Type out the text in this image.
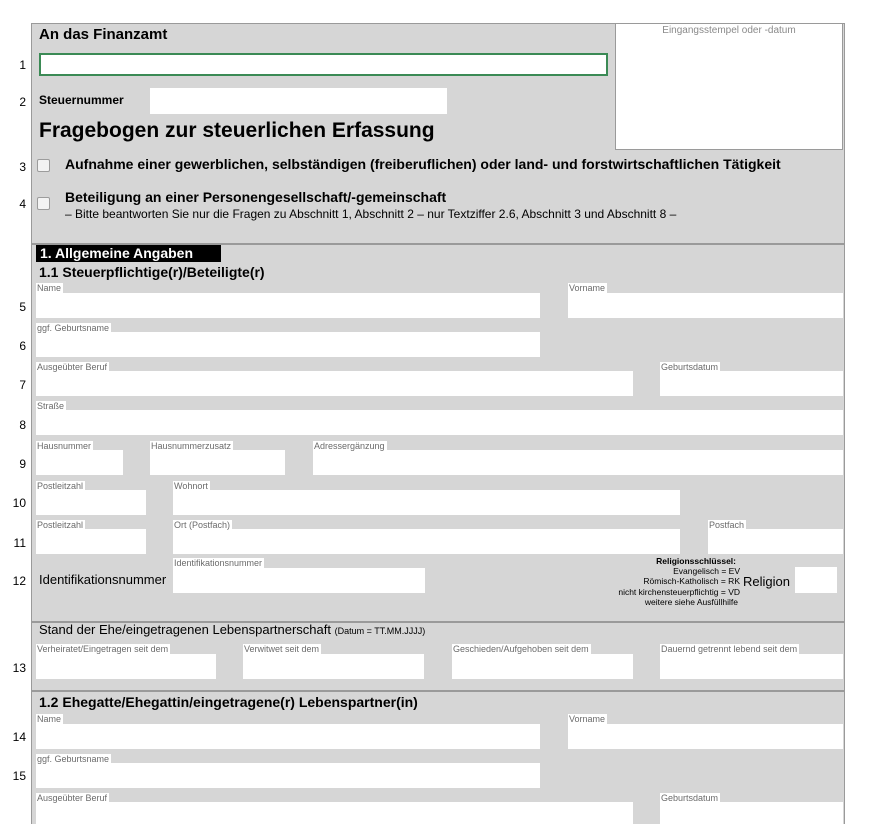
1
2
3
4
5
6
7
8
9
10
11
12
13
14
15
An das Finanzamt
Steuernummer
Eingangsstempel oder -datum
Fragebogen zur steuerlichen Erfassung
Aufnahme einer gewerblichen, selbständigen (freiberuflichen) oder land- und forstwirtschaftlichen Tätigkeit
Beteiligung an einer Personengesellschaft/-gemeinschaft
– Bitte beantworten Sie nur die Fragen zu Abschnitt 1, Abschnitt 2 – nur Textziffer 2.6, Abschnitt 3 und Abschnitt 8 –
1. Allgemeine Angaben
1.1 Steuerpflichtige(r)/Beteiligte(r)
Name	Vorname
ggf. Geburtsname
Ausgeübter Beruf	Geburtsdatum
Straße
Hausnummer	Hausnummerzusatz	Adressergänzung
Postleitzahl	Wohnort
Postleitzahl	Ort (Postfach)	Postfach
Identifikationsnummer
Identifikationsnummer	Religionsschlüssel:
Evangelisch = EV
Römisch-Katholisch = RK
nicht kirchensteuerpflichtig = VD
weitere siehe Ausfüllhilfe
Religion
Stand der Ehe/eingetragenen Lebenspartnerschaft (Datum = TT.MM.JJJJ)
Verheiratet/Eingetragen seit dem	Verwitwet seit dem	Geschieden/Aufgehoben seit dem	Dauernd getrennt lebend seit dem
1.2 Ehegatte/Ehegattin/eingetragene(r) Lebenspartner(in)
Name	Vorname
ggf. Geburtsname
Ausgeübter Beruf	Geburtsdatum
